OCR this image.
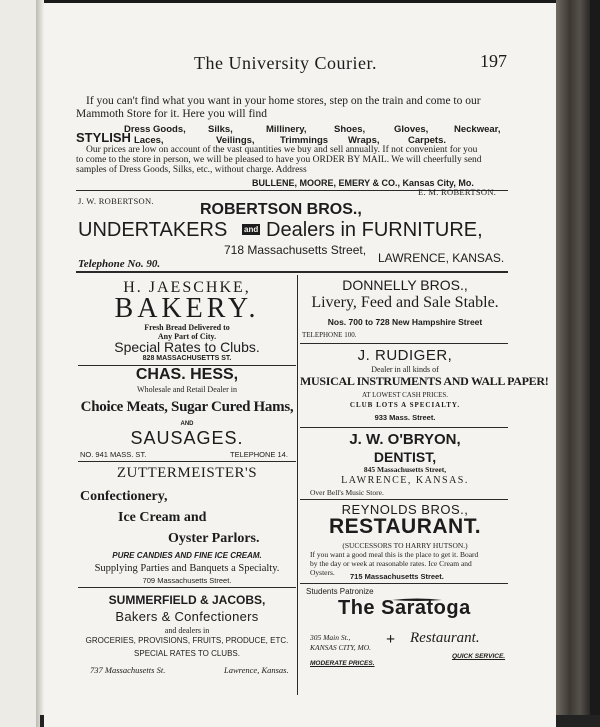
The University Courier.	197
If you can't find what you want in your home stores, step on the train and come to our
Mammoth Store for it. Here you will find
STYLISH
Dress Goods, Silks,	Millinery,	Shoes,	Gloves,	Neckwear,
Laces,	Veilings,	Trimmings Wraps,	Carpets.
Our prices are low on account of the vast quantities we buy and sell annually. If not convenient for you
to come to the store in person, we will be pleased to have you ORDER BY MAIL. We will cheerfully send
samples of Dress Goods, Silks, etc., without charge. Address
BULLENE, MOORE, EMERY & CO., Kansas City, Mo.
J. W. ROBERTSON.
E. M. ROBERTSON.
ROBERTSON BROS.,
UNDERTAKERS and Dealers in FURNITURE,
718 Massachusetts Street,
Telephone No. 90.	LAWRENCE, KANSAS.
H. JAESCHKE,
BAKERY.
Fresh Bread Delivered to
Any Part of City.
Special Rates to Clubs.
828 MASSACHUSETTS ST.
CHAS. HESS,
Wholesale and Retail Dealer in
Choice Meats, Sugar Cured Hams,
AND
SAUSAGES.
NO. 941 MASS. ST.	TELEPHONE 14.
ZUTTERMEISTER'S
Confectionery,
Ice Cream and
Oyster Parlors.
PURE CANDIES AND FINE ICE CREAM.
Supplying Parties and Banquets a Specialty.
709 Massachusetts Street.
SUMMERFIELD & JACOBS,
Bakers & Confectioners
and dealers in
GROCERIES, PROVISIONS, FRUITS, PRODUCE, ETC.
SPECIAL RATES TO CLUBS.
737 Massachusetts St.	Lawrence, Kansas.
DONNELLY BROS.,
Livery, Feed and Sale Stable.
Nos. 700 to 728 New Hampshire Street
TELEPHONE 100.
J. RUDIGER,
Dealer in all kinds of
MUSICAL INSTRUMENTS AND WALL PAPER!
AT LOWEST CASH PRICES.
CLUB LOTS A SPECIALTY.
933 Mass. Street.
J. W. O'BRYON,
DENTIST,
845 Massachusetts Street,
LAWRENCE, KANSAS.
Over Bell's Music Store.
REYNOLDS BROS.,
RESTAURANT.
(SUCCESSORS TO HARRY HUTSON.)
If you want a good meal this is the place to get it. Board
by the day or week at reasonable rates. Ice Cream and
Oysters. 715 Massachusetts Street.
Students Patronize
The Saratoga
305 Main St.,
KANSAS CITY, MO. + Restaurant.
MODERATE PRICES.
QUICK SERVICE.
